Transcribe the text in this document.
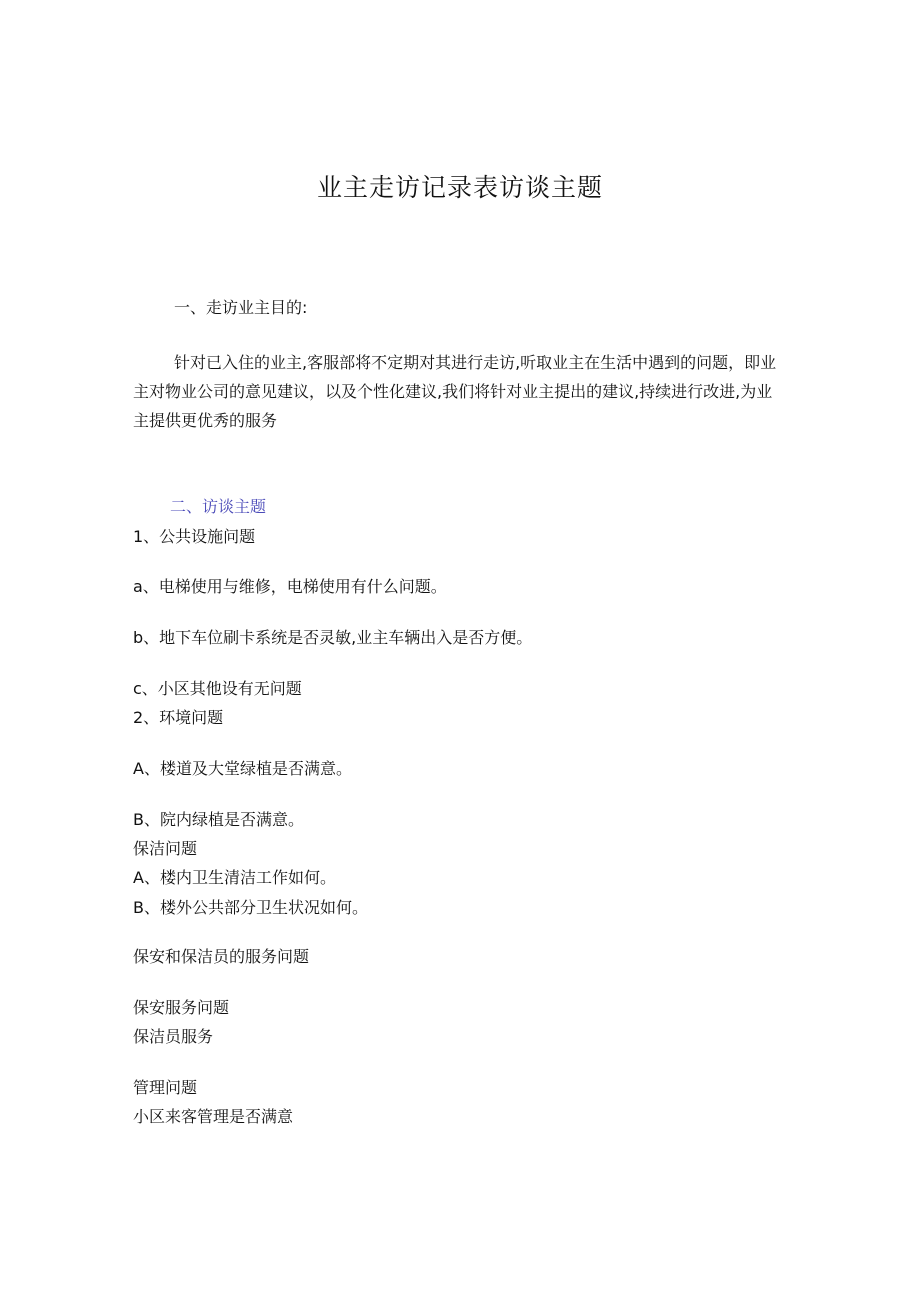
业主走访记录表访谈主题
一、走访业主目的:
针对已入住的业主,客服部将不定期对其进行走访,听取业主在生活中遇到的问题，即业主对物业公司的意见建议，以及个性化建议,我们将针对业主提出的建议,持续进行改进,为业主提供更优秀的服务
二、访谈主题
1、公共设施问题
a、电梯使用与维修，电梯使用有什么问题。
b、地下车位刷卡系统是否灵敏,业主车辆出入是否方便。
c、小区其他设有无问题
2、环境问题
A、楼道及大堂绿植是否满意。
B、院内绿植是否满意。
保洁问题
A、楼内卫生清洁工作如何。
B、楼外公共部分卫生状况如何。
保安和保洁员的服务问题
保安服务问题
保洁员服务
管理问题
小区来客管理是否满意
